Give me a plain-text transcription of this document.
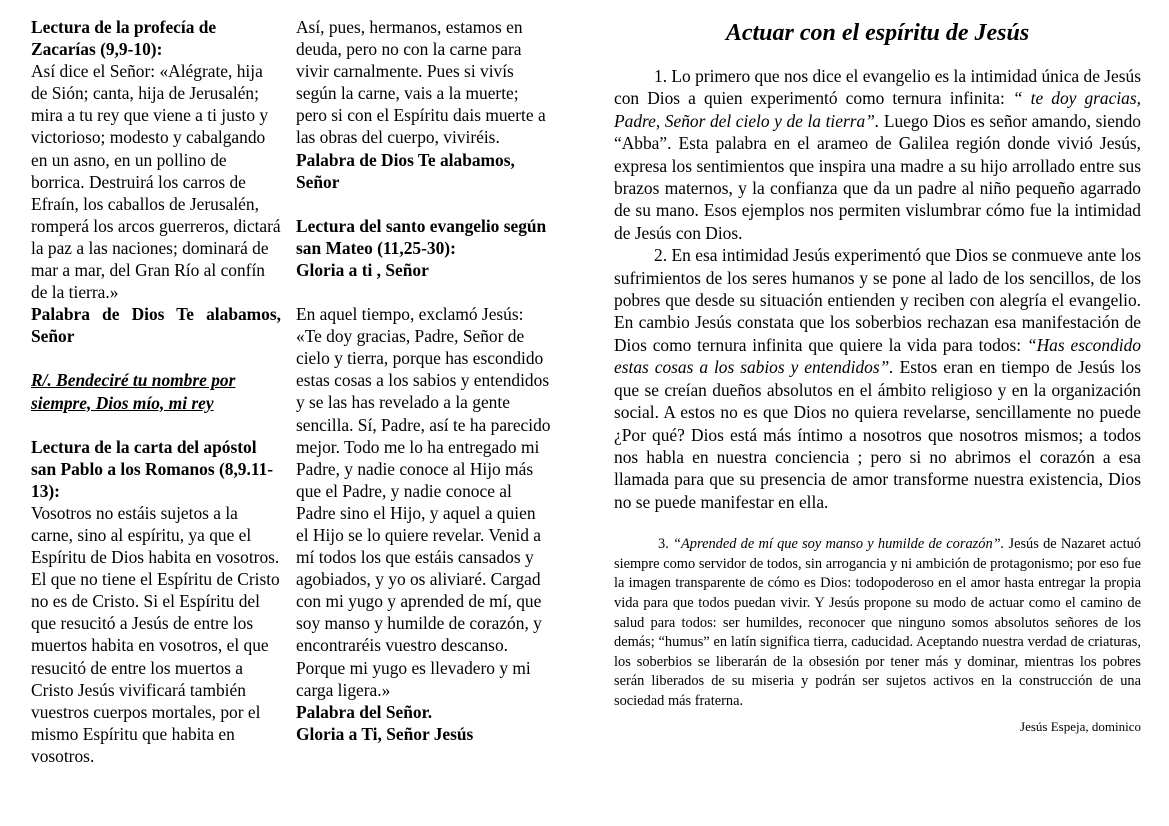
Lectura de la profecía de Zacarías (9,9-10):

Así dice el Señor: «Alégrate, hija de Sión; canta, hija de Jerusalén; mira a tu rey que viene a ti justo y victorioso; modesto y cabalgando en un asno, en un pollino de borrica. Destruirá los carros de Efraín, los caballos de Jerusalén, romperá los arcos guerreros, dictará la paz a las naciones; dominará de mar a mar, del Gran Río al confín de la tierra.»

Palabra de Dios Te alabamos, Señor

R/. Bendeciré tu nombre por siempre, Dios mío, mi rey

Lectura de la carta del apóstol san Pablo a los Romanos (8,9.11-13):

Vosotros no estáis sujetos a la carne, sino al espíritu, ya que el Espíritu de Dios habita en vosotros. El que no tiene el Espíritu de Cristo no es de Cristo. Si el Espíritu del que resucitó a Jesús de entre los muertos habita en vosotros, el que resucitó de entre los muertos a Cristo Jesús vivificará también vuestros cuerpos mortales, por el mismo Espíritu que habita en vosotros.

Así, pues, hermanos, estamos en deuda, pero no con la carne para vivir carnalmente. Pues si vivís según la carne, vais a la muerte; pero si con el Espíritu dais muerte a las obras del cuerpo, viviréis.

Palabra de Dios Te alabamos, Señor

Lectura del santo evangelio según san Mateo (11,25-30):

Gloria a ti , Señor

En aquel tiempo, exclamó Jesús: «Te doy gracias, Padre, Señor de cielo y tierra, porque has escondido estas cosas a los sabios y entendidos y se las has revelado a la gente sencilla. Sí, Padre, así te ha parecido mejor. Todo me lo ha entregado mi Padre, y nadie conoce al Hijo más que el Padre, y nadie conoce al Padre sino el Hijo, y aquel a quien el Hijo se lo quiere revelar. Venid a mí todos los que estáis cansados y agobiados, y yo os aliviaré. Cargad con mi yugo y aprended de mí, que soy manso y humilde de corazón, y encontraréis vuestro descanso. Porque mi yugo es llevadero y mi carga ligera.»

Palabra del Señor.

Gloria a Ti, Señor Jesús

Actuar con el espíritu de Jesús

1. Lo primero que nos dice el evangelio es la intimidad única de Jesús con Dios a quien experimentó como ternura infinita: “ te doy gracias, Padre, Señor del cielo y de la tierra”. Luego Dios es señor amando, siendo “Abba”. Esta palabra en el arameo de Galilea región donde vivió Jesús, expresa los sentimientos que inspira una madre a su hijo arrollado entre sus brazos maternos, y la confianza que da un padre al niño pequeño agarrado de su mano. Esos ejemplos nos permiten vislumbrar cómo fue la intimidad de Jesús con Dios.

2. En esa intimidad Jesús experimentó que Dios se conmueve ante los sufrimientos de los seres humanos y se pone al lado de los sencillos, de los pobres que desde su situación entienden y reciben con alegría el evangelio. En cambio Jesús constata que los soberbios rechazan esa manifestación de Dios como ternura infinita que quiere la vida para todos: “Has escondido estas cosas a los sabios y entendidos”. Estos eran en tiempo de Jesús los que se creían dueños absolutos en el ámbito religioso y en la organización social. A estos no es que Dios no quiera revelarse, sencillamente no puede ¿Por qué? Dios está más íntimo a nosotros que nosotros mismos; a todos nos habla en nuestra conciencia ; pero si no abrimos el corazón a esa llamada para que su presencia de amor transforme nuestra existencia, Dios no se puede manifestar en ella.

3. “Aprended de mí que soy manso y humilde de corazón”. Jesús de Nazaret actuó siempre como servidor de todos, sin arrogancia y ni ambición de protagonismo; por eso fue la imagen transparente de cómo es Dios: todopoderoso en el amor hasta entregar la propia vida para que todos puedan vivir. Y Jesús propone su modo de actuar como el camino de salud para todos: ser humildes, reconocer que ninguno somos absolutos señores de los demás; “humus” en latín significa tierra, caducidad. Aceptando nuestra verdad de criaturas, los soberbios se liberarán de la obsesión por tener más y dominar, mientras los pobres serán liberados de su miseria y podrán ser sujetos activos en la construcción de una sociedad más fraterna.

Jesús Espeja, dominico
